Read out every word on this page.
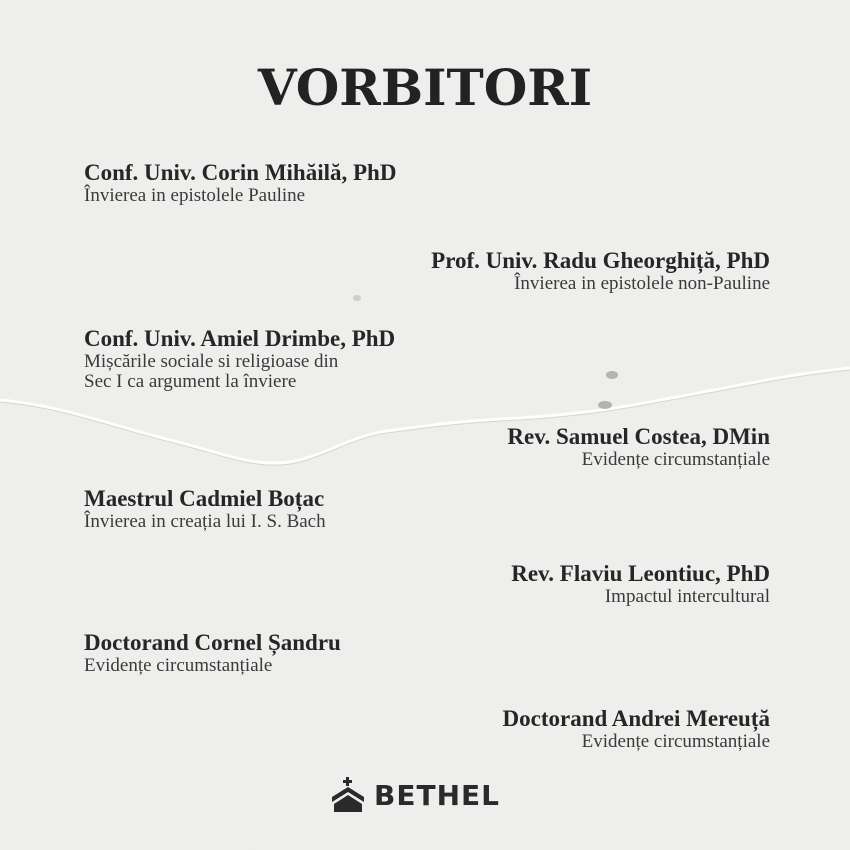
VORBITORI
Conf. Univ. Corin Mihăilă, PhD
Învierea in epistolele Pauline
Prof. Univ. Radu Gheorghiță, PhD
Învierea in epistolele non-Pauline
Conf. Univ. Amiel Drimbe, PhD
Mișcările sociale si religioase din
Sec I ca argument la înviere
Rev. Samuel Costea, DMin
Evidențe circumstanțiale
Maestrul Cadmiel Boțac
Învierea in creația lui I. S. Bach
Rev. Flaviu Leontiuc, PhD
Impactul intercultural
Doctorand Cornel Șandru
Evidențe circumstanțiale
Doctorand Andrei Mereuță
Evidențe circumstanțiale
BETHEL
